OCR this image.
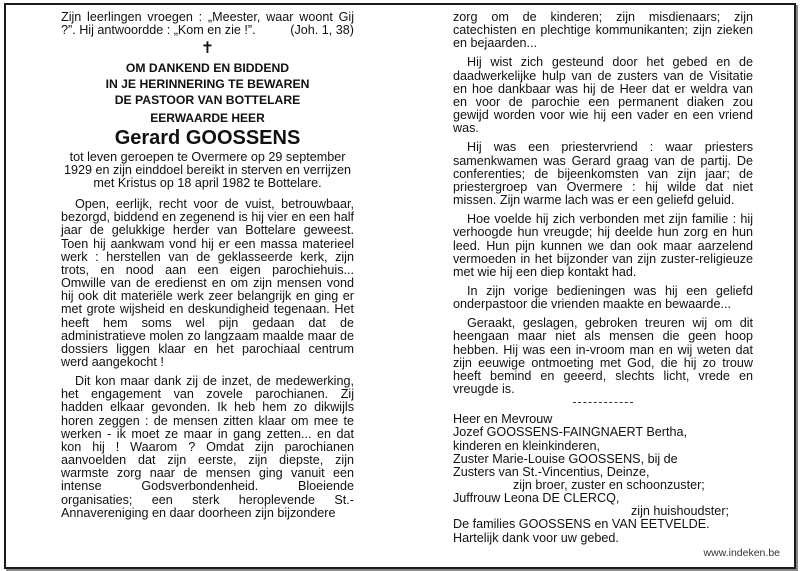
Zijn leerlingen vroegen : „Meester, waar woont Gij ?”. Hij antwoordde : „Kom en zie !”.	(Joh. 1, 38)
✝
OM DANKEND EN BIDDEND
IN JE HERINNERING TE BEWAREN
DE PASTOOR VAN BOTTELARE
EERWAARDE HEER
Gerard GOOSSENS
tot leven geroepen te Overmere op 29 september 1929 en zijn einddoel bereikt in sterven en verrijzen met Kristus op 18 april 1982 te Bottelare.

Open, eerlijk, recht voor de vuist, betrouwbaar, bezorgd, biddend en zegenend is hij vier en een half jaar de gelukkige herder van Bottelare geweest. Toen hij aankwam vond hij er een massa materieel werk : herstellen van de geklasseerde kerk, zijn trots, en nood aan een eigen parochiehuis... Omwille van de eredienst en om zijn mensen vond hij ook dit materiële werk zeer belangrijk en ging er met grote wijsheid en deskundigheid tegenaan. Het heeft hem soms wel pijn gedaan dat de administratieve molen zo langzaam maalde maar de dossiers liggen klaar en het parochiaal centrum werd aangekocht !

Dit kon maar dank zij de inzet, de medewerking, het engagement van zovele parochianen. Zij hadden elkaar gevonden. Ik heb hem zo dikwijls horen zeggen : de mensen zitten klaar om mee te werken - ik moet ze maar in gang zetten... en dat kon hij ! Waarom ? Omdat zijn parochianen aanvoelden dat zijn eerste, zijn diepste, zijn warmste zorg naar de mensen ging vanuit een intense Godsverbondenheid. Bloeiende organisaties; een sterk heroplevende St.-Annavereniging en daar doorheen zijn bijzondere

zorg om de kinderen; zijn misdienaars; zijn catechisten en plechtige kommunikanten; zijn zieken en bejaarden...

Hij wist zich gesteund door het gebed en de daadwerkelijke hulp van de zusters van de Visitatie en hoe dankbaar was hij de Heer dat er weldra van en voor de parochie een permanent diaken zou gewijd worden voor wie hij een vader en een vriend was.

Hij was een priestervriend : waar priesters samenkwamen was Gerard graag van de partij. De conferenties; de bijeenkomsten van zijn jaar; de priestergroep van Overmere : hij wilde dat niet missen. Zijn warme lach was er een geliefd geluid.

Hoe voelde hij zich verbonden met zijn familie : hij verhoogde hun vreugde; hij deelde hun zorg en hun leed. Hun pijn kunnen we dan ook maar aarzelend vermoeden in het bijzonder van zijn zuster-religieuze met wie hij een diep kontakt had.

In zijn vorige bedieningen was hij een geliefd onderpastoor die vrienden maakte en bewaarde...

Geraakt, geslagen, gebroken treuren wij om dit heengaan maar niet als mensen die geen hoop hebben. Hij was een in-vroom man en wij weten dat zijn eeuwige ontmoeting met God, die hij zo trouw heeft bemind en geeerd, slechts licht, vrede en vreugde is.

Heer en Mevrouw
Jozef GOOSSENS-FAINGNAERT Bertha,
kinderen en kleinkinderen,
Zuster Marie-Louise GOOSSENS, bij de
Zusters van St.-Vincentius, Deinze,
zijn broer, zuster en schoonzuster;
Juffrouw Leona DE CLERCQ,
zijn huishoudster;
De families GOOSSENS en VAN EETVELDE.
Hartelijk dank voor uw gebed.
www.indeken.be
